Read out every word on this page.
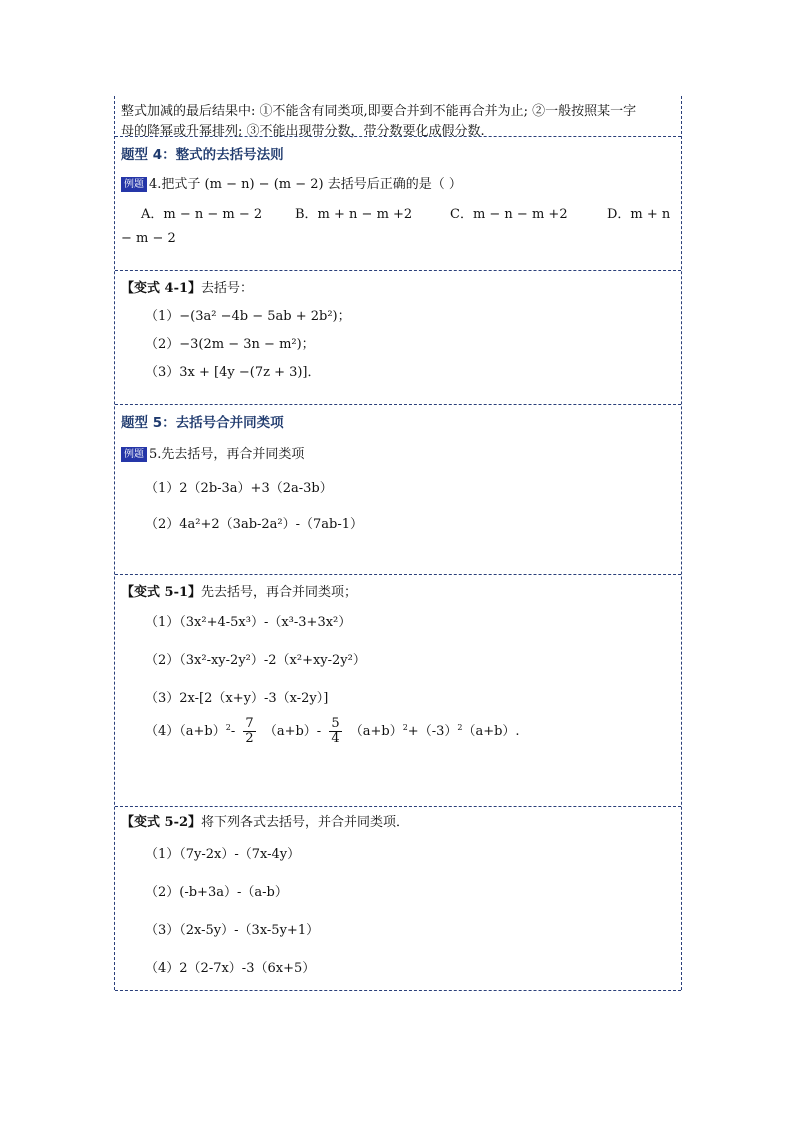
整式加减的最后结果中: ①不能含有同类项,即要合并到不能再合并为止; ②一般按照某一字
母的降幂或升幂排列; ③不能出现带分数，带分数要化成假分数.
题型 4：整式的去括号法则
例题 4.把式子 (m − n) − (m − 2) 去括号后正确的是（ ）
A．m − n − m − 2	B．m + n − m +2	C．m − n − m +2	D．m + n
− m − 2
【变式 4-1】去括号：
（1）−(3a² −4b − 5ab + 2b²)；
（2）−3(2m − 3n − m²)；
（3）3x + [4y −(7z + 3)]．
题型 5：去括号合并同类项
例题 5.先去括号，再合并同类项
（1）2（2b-3a）+3（2a-3b）
（2）4a²+2（3ab-2a²）-（7ab-1）
【变式 5-1】先去括号，再合并同类项；
（1）（3x²+4-5x³）-（x³-3+3x²）
（2）（3x²-xy-2y²）-2（x²+xy-2y²）
（3）2x-[2（x+y）-3（x-2y）]
$(4)(a+b)^2- \frac{7}{2} (a+b)- \frac{5}{4} (a+b)^2+(-3)^2(a+b)$.
【变式 5-2】将下列各式去括号，并合并同类项．
（1）（7y-2x）-（7x-4y）
（2）(-b+3a）-（a-b）
（3）（2x-5y）-（3x-5y+1）
（4）2（2-7x）-3（6x+5）
